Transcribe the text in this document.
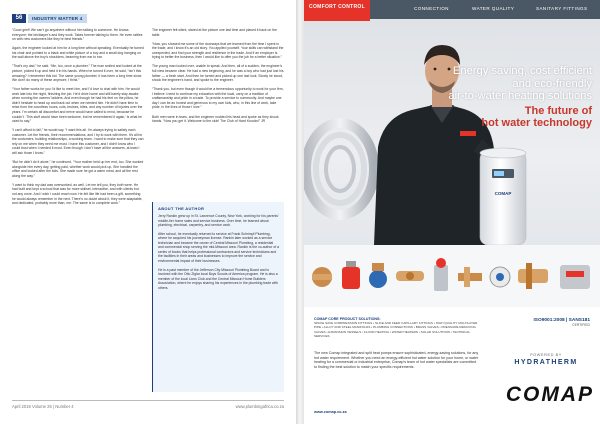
56	INDUSTRY MATTER 4

“Good grief! We can’t go anywhere without him talking to someone. He knows everyone; the bricklayer’s and they work. Takes forever talking to them. He even rattles on with new customers like they’re best friends.”

Again, the engineer looked at him for a long time without speaking. Eventually he turned his chair and pointed to a black and white picture of a boy and a small dog hanging on the wall above the boy’s shoulders, beaming from ear to ear.

“That’s my dad,” he said. “Me, too, once a plumber.” The man smiled and looked at the picture, picked it up and held it in his hands. When he turned it over, he said, “Isn’t this amazing? I remember this kid. The same young plumber, it has been a long time since. We don’t do many of these anymore, I think.”

“Your father works for you I’d like to meet him, and I’d love to chat with him. He would work late into the night, finishing the job. He’d drive home and still barely stay awake when running the owners’ ladders. And even though he had his feet on the pillow, he didn’t hesitate to head up and back out when we needed him. He didn’t have time to relax from the countless hours, cuts, bruises, bites, and any number of injuries over the years. I’m certain all discomfort and nerve would have called to mind, because he couldn’t. ‘This stuff would have been welcome, but he remembered it again,’ is what he used to say.”

“I can’t afford to fail,” he would say. “I want this all. I’m always trying to satisfy each customer. Let the friends, their recommendations, and I try to work with them. It’s all for the customers, building relationships, a working team. I want to make sure that they can rely on me when they need me most. I have this customer, and I didn’t know who I could trust when I needed it most. Even though I don’t have all the answers, at least I will ask those I know.”

“But he didn’t do it alone,” he continued. “Your mother held up her end, too. She worked alongside him every day, getting paid, whether work would pick up. She handled the office and looked after the kids. She made sure he got a warm meal, and all the rest along the way.”

“I want to think my dad was overworked, as well. Let me tell you, they both were. He had built and kept a school that was for more skillset, interactive, and with clients but not any more. And I wish I could reach now. He felt like life had been a gift, something he would always remember in the next. There’s no doubt about it, they were adaptable, and dedicated, probably more than, me. The same is to complete work.”

The engineer felt silent, stared at the picture one last time and placed it back on the table.

“Now, you showed me some of the doorways that we learned from the time I spent in the trade, and I know it’s an old story. You applied yourself. Your skills can withstand the unexpected, and find your strength and resilience in the trade. And if an employer is trying to better the business, then I would like to offer you the job for a better situation.”

The young man looked over, unable to speak. And then, all of a sudden, the engineer’s full view became clear. He had a new beginning, and he was a boy who had just lost his father — a fresh start. And then he turned and picked up one last look. Slowly he stood, shook the engineer’s hand, and spoke to the engineer.

“Thank you, but even though it would be a tremendous opportunity to work for your firm, I believe I need to continue my education with the local, carry on a tradition of craftsmanship and pride in a trade. To provide a service to community. And maybe one day I can be as honest and generous to my own kids, who, in this line of work, take pride, in the lives of those I love.”

Both men were in tears, and the engineer nodded his head and spoke as they shook hands. “Now you get it. Welcome to the club! The Club of Hard Knocks!” JR

ABOUT THE AUTHOR

Jerry Rankin grew up in St. Lawrence County, New York, working for his parents’ middle‑tier home sales and service business. Over time, he learned about plumbing, electrical, carpentry, and service work.

After school, he eventually returned to service at Frank Schrimpf Plumbing, where he acquired his journeyman license. Rankin later worked as a service technician and became the owner of Central Missouri Plumbing, a residential and commercial shop serving the mid-Missouri area. Rankin is the co-author of a series of books that helps professional contractors and service technicians and the facilities in their areas and businesses to improve the service and environmental impact of their businesses.

He is a past member of the Jefferson City Missouri Plumbing Board and is involved with the Otto Ziglar local Boys Scouts of America program. He is also a member of the local Lions Club and the Central Missouri Home Builders Association, where he enjoys sharing his experiences in the plumbing trade with others.

April 2019 Volume 25 | Number 4	www.plumbingafrica.co.za
COMAP
Energy saving, cost efficient
and eco-friendly
air-to-water heating solutions
The future of
hot water technology
COMFORT CONTROL	CONNECTION	WATER QUALITY	SANITARY FITTINGS
COMAP CORE PRODUCT SOLUTIONS:
SPACE SAVE COMPRESSION FITTINGS • SLICE AND FEED CAPILLARY FITTINGS • HIGH QUALITY MULTILAYER PIPE • ALLOY AND STEEL MANIFOLDS • PLUMBING CONNECTIONS • BRASS VALVES • PRESSURE REDUCING VALVES • EXPANSION VESSELS • FLOOR HEATING • WATER HEATERS • SOLAR SOLUTIONS • TECHNICAL SERVICES
ISO9001:2008 | SANS181
CERTIFIED
The new Comap integrated and split heat pumps ensure sophisticated, energy-saving solutions, for any hot water requirement. Whether you need an energy-efficient hot water solution for your home, or water heating for a commercial or industrial enterprise, Comap’s team of hot water specialists are committed to finding the best solution to match your specific requirements.
POWERED BY
HYDRATHERM
COMAP
www.comap.co.za
